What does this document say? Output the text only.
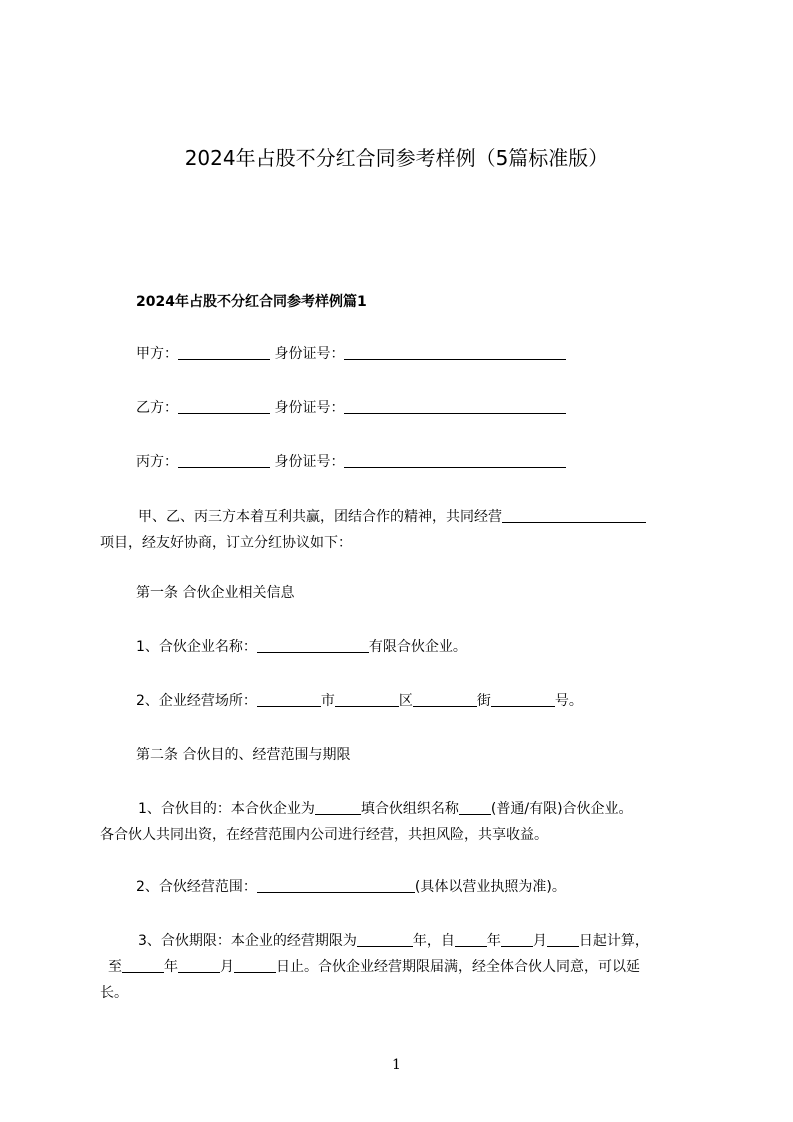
2024年占股不分红合同参考样例（5篇标准版）
2024年占股不分红合同参考样例篇1
甲方：	身份证号：
乙方：	身份证号：
丙方：	身份证号：
甲、乙、丙三方本着互利共赢，团结合作的精神，共同经营
项目，经友好协商，订立分红协议如下：
第一条 合伙企业相关信息
1、合伙企业名称：	有限合伙企业。
2、企业经营场所：	市	区	街	号。
第二条 合伙目的、经营范围与期限
1、合伙目的：本合伙企业为	填合伙组织名称 (普通/有限)合伙企业。
各合伙人共同出资，在经营范围内公司进行经营，共担风险，共享收益。
2、合伙经营范围：	(具体以营业执照为准)。
3、合伙期限：本企业的经营期限为	年，自 年 月 日起计算，
至	年	月	日止。合伙企业经营期限届满，经全体合伙人同意，可以延
长。
1
